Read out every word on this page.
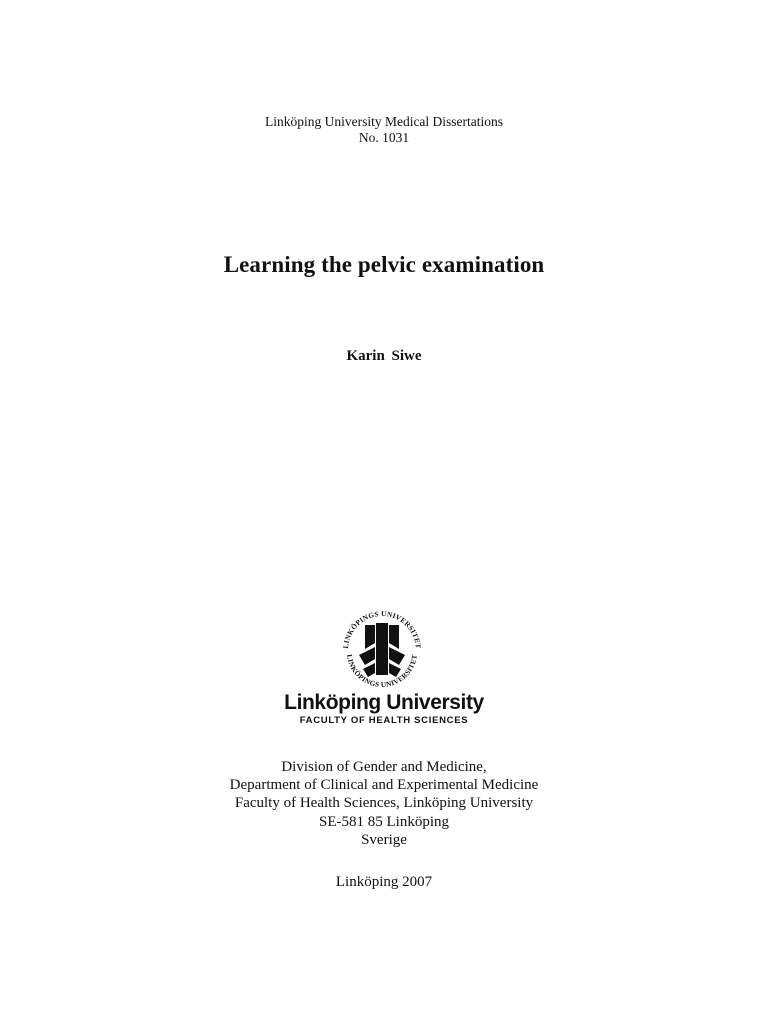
Linköping University Medical Dissertations
No. 1031
Learning the pelvic examination
Karin Siwe
LINKÖPINGS UNIVERSITET
LINKÖPINGS UNIVERSITET
Linköping University
FACULTY OF HEALTH SCIENCES
Division of Gender and Medicine,
Department of Clinical and Experimental Medicine
Faculty of Health Sciences, Linköping University
SE-581 85 Linköping
Sverige
Linköping 2007
